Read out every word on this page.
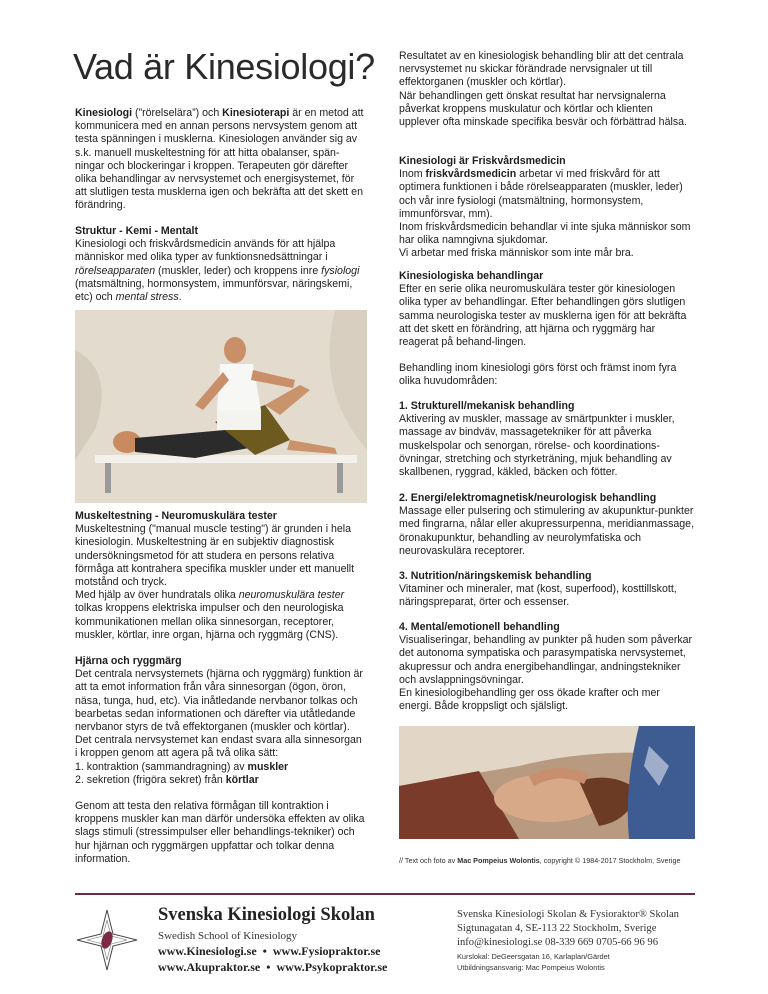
Vad är Kinesiologi?
Kinesiologi (”rörelselära”) och Kinesioterapi är en metod att kommunicera med en annan persons nervsystem genom att testa spänningen i musklerna. Kinesiologen använder sig av s.k. manuell muskeltestning för att hitta obalanser, spän-ningar och blockeringar i kroppen. Terapeuten gör därefter olika behandlingar av nervsystemet och energisystemet, för att slutligen testa musklerna igen och bekräfta att det skett en förändring.
Struktur - Kemi - Mentalt
Kinesiologi och friskvårdsmedicin används för att hjälpa människor med olika typer av funktionsnedsättningar i rörelseapparaten (muskler, leder) och kroppens inre fysiologi (matsmältning, hormonsystem, immunförsvar, näringskemi, etc) och mental stress.
Muskeltestning - Neuromuskulära tester

Muskeltestning ("manual muscle testing") är grunden i hela kinesiologin. Muskeltestning är en subjektiv diagnostisk undersökningsmetod för att studera en persons relativa förmåga att kontrahera specifika muskler under ett manuellt motstånd och tryck.

Med hjälp av över hundratals olika neuromuskulära tester tolkas kroppens elektriska impulser och den neurologiska kommunikationen mellan olika sinnesorgan, receptorer, muskler, körtlar, inre organ, hjärna och ryggmärg (CNS).

Hjärna och ryggmärg

Det centrala nervsystemets (hjärna och ryggmärg) funktion är att ta emot information från våra sinnesorgan (ögon, öron, näsa, tunga, hud, etc). Via inåtledande nervbanor tolkas och bearbetas sedan informationen och därefter via utåtledande nervbanor styrs de två effektorganen (muskler och körtlar).

Det centrala nervsystemet kan endast svara alla sinnesorgan i kroppen genom att agera på två olika sätt:

1. kontraktion (sammandragning) av muskler

2. sekretion (frigöra sekret) från körtlar

Genom att testa den relativa förmågan till kontraktion i kroppens muskler kan man därför undersöka effekten av olika slags stimuli (stressimpulser eller behandlings-tekniker) och hur hjärnan och ryggmärgen uppfattar och tolkar denna information.

Resultatet av en kinesiologisk behandling blir att det centrala nervsystemet nu skickar förändrade nervsignaler ut till effektorganen (muskler och körtlar).

När behandlingen gett önskat resultat har nervsignalerna påverkat kroppens muskulatur och körtlar och klienten upplever ofta minskade specifika besvär och förbättrad hälsa.

Kinesiologi är Friskvårdsmedicin

Inom friskvårdsmedicin arbetar vi med friskvård för att optimera funktionen i både rörelseapparaten (muskler, leder) och vår inre fysiologi (matsmältning, hormonsystem, immunförsvar, mm).

Inom friskvårdsmedicin behandlar vi inte sjuka människor som har olika namngivna sjukdomar.

Vi arbetar med friska människor som inte mår bra.

Kinesiologiska behandlingar

Efter en serie olika neuromuskulära tester gör kinesiologen olika typer av behandlingar. Efter behandlingen görs slutligen samma neurologiska tester av musklerna igen för att bekräfta att det skett en förändring, att hjärna och ryggmärg har reagerat på behand-lingen.

Behandling inom kinesiologi görs först och främst inom fyra olika huvudområden:

1. Strukturell/mekanisk behandling

Aktivering av muskler, massage av smärtpunkter i muskler, massage av bindväv, massagetekniker för att påverka muskelspolar och senorgan, rörelse- och koordinations-övningar, stretching och styrketräning, mjuk behandling av skallbenen, ryggrad, käkled, bäcken och fötter.

2. Energi/elektromagnetisk/neurologisk behandling

Massage eller pulsering och stimulering av akupunktur-punkter med fingrarna, nålar eller akupressurpenna, meridianmassage, öronakupunktur, behandling av neurolymfatiska och neurovaskulära receptorer.

3. Nutrition/näringskemisk behandling

Vitaminer och mineraler, mat (kost, superfood), kosttillskott, näringspreparat, örter och essenser.

4. Mental/emotionell behandling

Visualiseringar, behandling av punkter på huden som påverkar det autonoma sympatiska och parasympatiska nervsystemet, akupressur och andra energibehandlingar, andningstekniker och avslappningsövningar.

En kinesiologibehandling ger oss ökade krafter och mer energi. Både kroppsligt och själsligt.

// Text och foto av Mac Pompeius Wolontis, copyright © 1984-2017 Stockholm, Sverige
Svenska Kinesiologi Skolan
Swedish School of Kinesiology
www.Kinesiologi.se • www.Fysiopraktor.se
www.Akupraktor.se • www.Psykopraktor.se
Svenska Kinesiologi Skolan & Fysioraktor® Skolan
Sigtunagatan 4, SE-113 22 Stockholm, Sverige
info@kinesiologi.se 08-339 669 0705-66 96 96
Kurslokal: DeGeersgatan 16, Karlaplan/Gärdet
Utbildningsansvarig: Mac Pompeius Wolontis
